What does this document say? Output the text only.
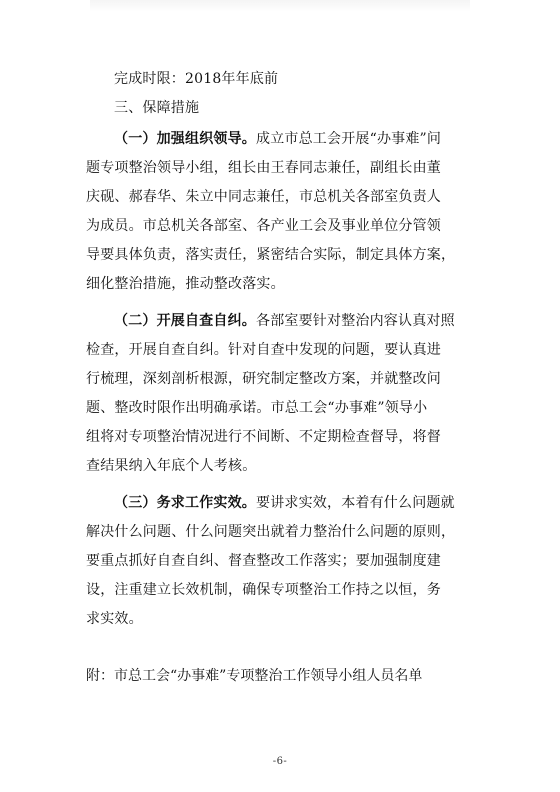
完成时限：2018年年底前
三、保障措施
（一）加强组织领导。成立市总工会开展“办事难”问
题专项整治领导小组，组长由王春同志兼任，副组长由董
庆砚、郝春华、朱立中同志兼任，市总机关各部室负责人
为成员。市总机关各部室、各产业工会及事业单位分管领
导要具体负责，落实责任，紧密结合实际，制定具体方案，
细化整治措施，推动整改落实。
（二）开展自查自纠。各部室要针对整治内容认真对照
检查，开展自查自纠。针对自查中发现的问题，要认真进
行梳理，深刻剖析根源，研究制定整改方案，并就整改问
题、整改时限作出明确承诺。市总工会“办事难”领导小
组将对专项整治情况进行不间断、不定期检查督导，将督
查结果纳入年底个人考核。
（三）务求工作实效。要讲求实效，本着有什么问题就
解决什么问题、什么问题突出就着力整治什么问题的原则，
要重点抓好自查自纠、督查整改工作落实；要加强制度建
设，注重建立长效机制，确保专项整治工作持之以恒，务
求实效。
附：市总工会“办事难”专项整治工作领导小组人员名单
-6-
